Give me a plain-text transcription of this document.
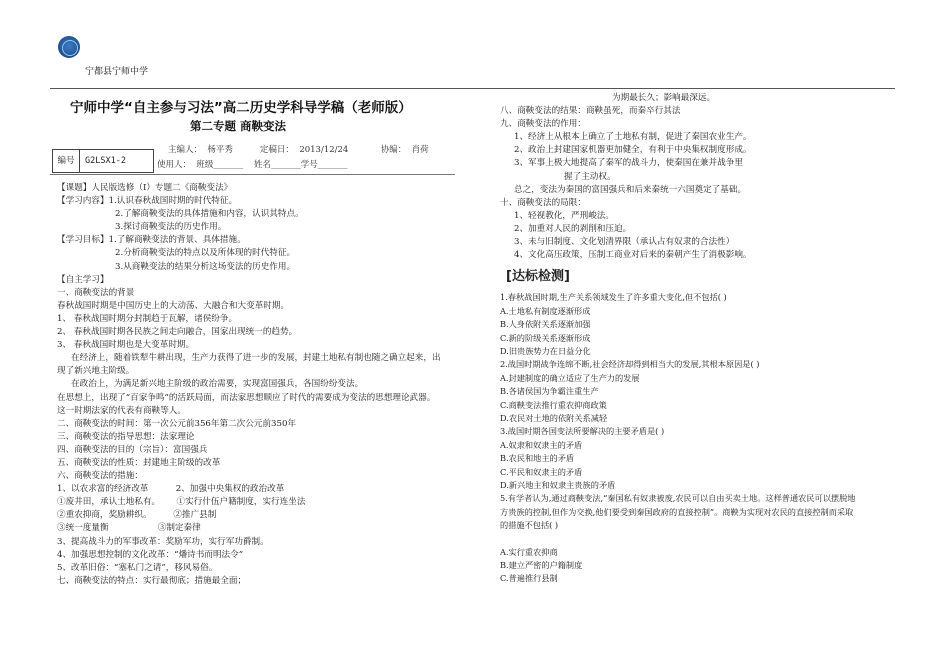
宁都县宁师中学
宁师中学“自主参与习法”高二历史学科导学稿（老师版）
第二专题 商鞅变法
主编人：  杨平秀          定稿日：  2013/12/24            协编：  肖荷
使用人：  班级_______    姓名_______学号_______
编号	G2LSX1-2
【课题】人民版选修（Ⅰ）专题二《商鞅变法》
【学习内容】1.认识春秋战国时期的时代特征。
2.了解商鞅变法的具体措施和内容，认识其特点。
3.探讨商鞅变法的历史作用。
【学习目标】1.了解商鞅变法的背景、具体措施。
2.分析商鞅变法的特点以及所体现的时代特征。
3.从商鞅变法的结果分析这场变法的历史作用。
【自主学习】
一、商鞅变法的背景
春秋战国时期是中国历史上的大动荡、大融合和大变革时期。
1、 春秋战国时期分封制趋于瓦解，诸侯纷争。
2、 春秋战国时期各民族之间走向融合，国家出现统一的趋势。
3、 春秋战国时期也是大变革时期。
在经济上，随着铁犁牛耕出现，生产力获得了进一步的发展，封建土地私有制也随之确立起来，出
现了新兴地主阶级。
在政治上，为满足新兴地主阶级的政治需要，实现富国强兵，各国纷纷变法。
在思想上，出现了“百家争鸣”的活跃局面，而法家思想顺应了时代的需要成为变法的思想理论武器。
这一时期法家的代表有商鞅等人。
二、商鞅变法的时间：第一次公元前356年第二次公元前350年
三、商鞅变法的指导思想：法家理论
四、商鞅变法的目的（宗旨）：富国强兵
五、商鞅变法的性质：封建地主阶级的改革
六、商鞅变法的措施：
1、以农求富的经济改革          2、加强中央集权的政治改革
①废井田，承认土地私有。      ①实行什伍户籍制度，实行连坐法
②重农抑商，奖励耕织。        ②推广县制
③统一度量衡                  ③制定秦律
3、提高战斗力的军事改革：奖励军功，实行军功爵制。
4、加强思想控制的文化改革：“燔诗书而明法令”
5、改革旧俗：“塞私门之请”，移风易俗。
七、商鞅变法的特点：实行最彻底；措施最全面；
为期最长久；影响最深远。
八、商鞅变法的结果：商鞅虽死，而秦卒行其法
九、商鞅变法的作用：
1、经济上从根本上确立了土地私有制，促进了秦国农业生产。
2、政治上封建国家机器更加健全，有利于中央集权制度形成。
3、军事上极大地提高了秦军的战斗力，使秦国在兼并战争里
握了主动权。
总之，变法为秦国的富国强兵和后来秦统一六国奠定了基础。
十、商鞅变法的局限：
1、轻视教化，严刑峻法。
2、加重对人民的剥削和压迫。
3、未与旧制度、文化划清界限（承认占有奴隶的合法性）
4、文化高压政策，压制工商业对后来的秦朝产生了消极影响。
[达标检测]
1.春秋战国时期,生产关系领域发生了许多重大变化,但不包括( )
A.土地私有制度逐渐形成
B.人身依附关系逐渐加强
C.新的阶级关系逐渐形成
D.旧贵族势力在日益分化
2.战国时期战争连绵不断,社会经济却得到相当大的发展,其根本原因是( )
A.封建制度的确立适应了生产力的发展
B.各诸侯国为争霸注重生产
C.商鞅变法推行重农抑商政策
D.农民对土地的依附关系减轻
3.战国时期各国变法所要解决的主要矛盾是( )
A.奴隶和奴隶主的矛盾
B.农民和地主的矛盾
C.平民和奴隶主的矛盾
D.新兴地主和奴隶主贵族的矛盾
5.有学者认为,通过商鞅变法,“秦国私有奴隶被废,农民可以自由买卖土地。这样普通农民可以摆脱地
方贵族的控制,但作为交换,他们要受到秦国政府的直接控制”。商鞅为实现对农民的直接控制而采取
的措施不包括( )
A.实行重农抑商
B.建立严密的户籍制度
C.普遍推行县制
